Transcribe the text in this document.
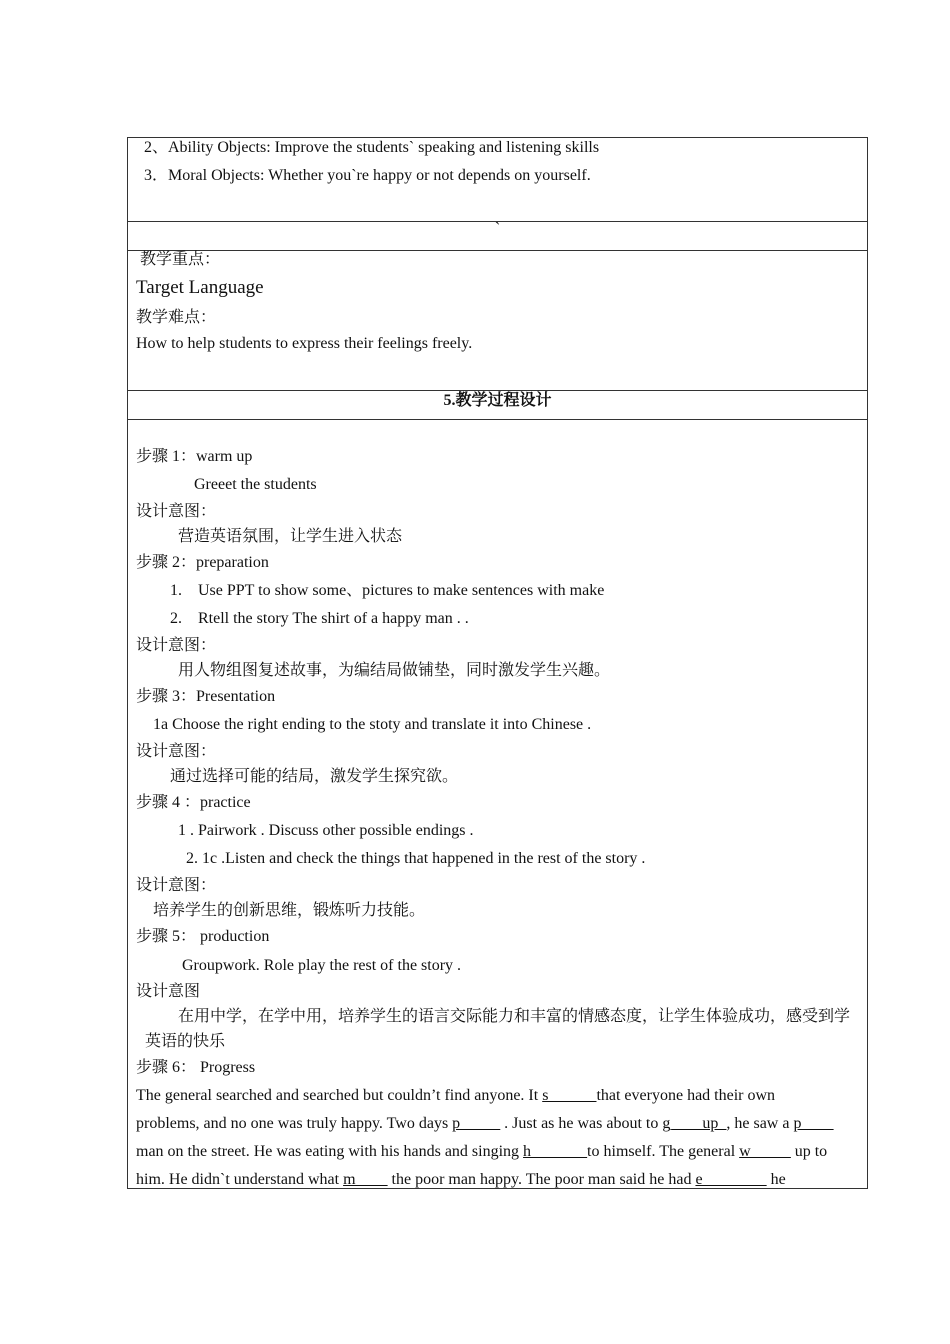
2、Ability Objects: Improve the students` speaking and listening skills
3．Moral Objects: Whether you`re happy or not depends on yourself.
`
教学重点：
Target Language
教学难点：
How to help students to express their feelings freely.
5.教学过程设计
步骤 1：warm up
Greeet the students
设计意图：
营造英语氛围，让学生进入状态
步骤 2：preparation
1. Use PPT to show some、pictures to make sentences with make
2. Rtell the story The shirt of a happy man . .
设计意图：
用人物组图复述故事，为编结局做铺垫，同时激发学生兴趣。
步骤 3：Presentation
1a Choose the right ending to the stoty and translate it into Chinese .
设计意图：
通过选择可能的结局，激发学生探究欲。
步骤 4 ：practice
1 . Pairwork . Discuss other possible endings .
2. 1c .Listen and check the things that happened in the rest of the story .
设计意图：
培养学生的创新思维，锻炼听力技能。
步骤 5： production
Groupwork. Role play the rest of the story .
设计意图
在用中学，在学中用，培养学生的语言交际能力和丰富的情感态度，让学生体验成功，感受到学
英语的快乐
步骤 6： Progress
The general searched and searched but couldn’t find anyone. It s______that everyone had their own
problems, and no one was truly happy. Two days p_____ . Just as he was about to g____up_, he saw a p____
man on the street. He was eating with his hands and singing h_______to himself. The general w_____ up to
him. He didn`t understand what m____ the poor man happy. The poor man said he had e________ he
